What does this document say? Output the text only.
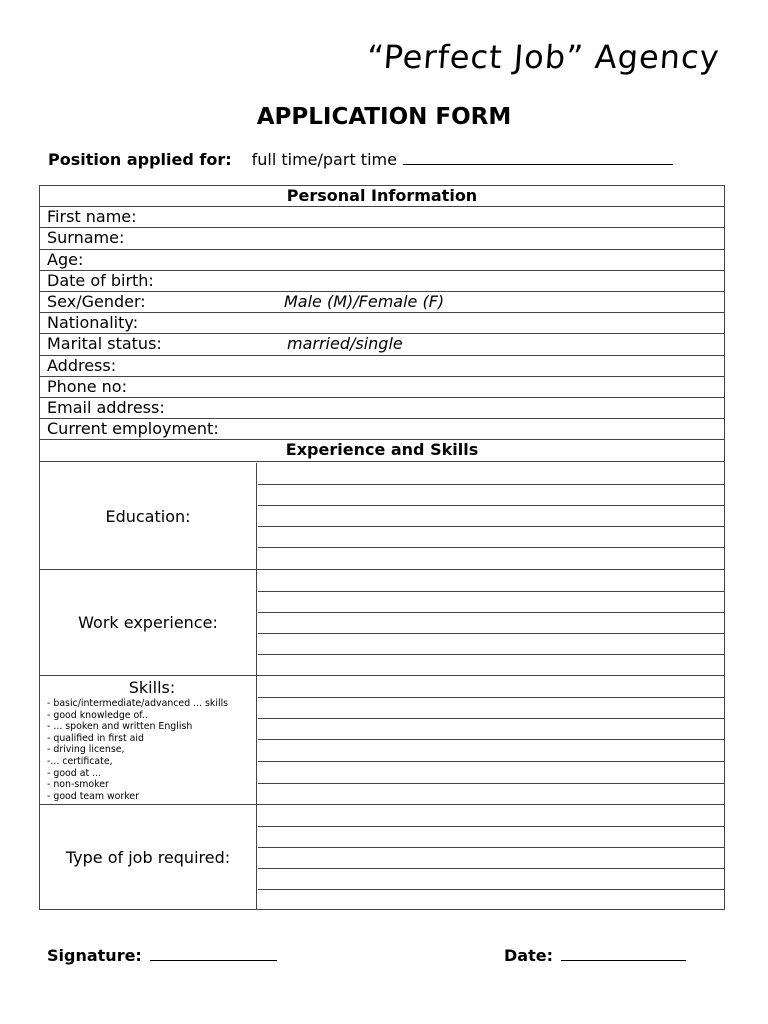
“Perfect Job” Agency
APPLICATION FORM
Position applied for: full time/part time
Personal Information
First name:
Surname:
Age:
Date of birth:
Sex/Gender:	Male (M)/Female (F)
Nationality:
Marital status:	married/single
Address:
Phone no:
Email address:
Current employment:
Experience and Skills
Education:
Work experience:
Skills:
- basic/intermediate/advanced ... skills
- good knowledge of..
- ... spoken and written English
- qualified in first aid
- driving license,
-... certificate,
- good at ...
- non-smoker
- good team worker
Type of job required:
Signature:	Date:
